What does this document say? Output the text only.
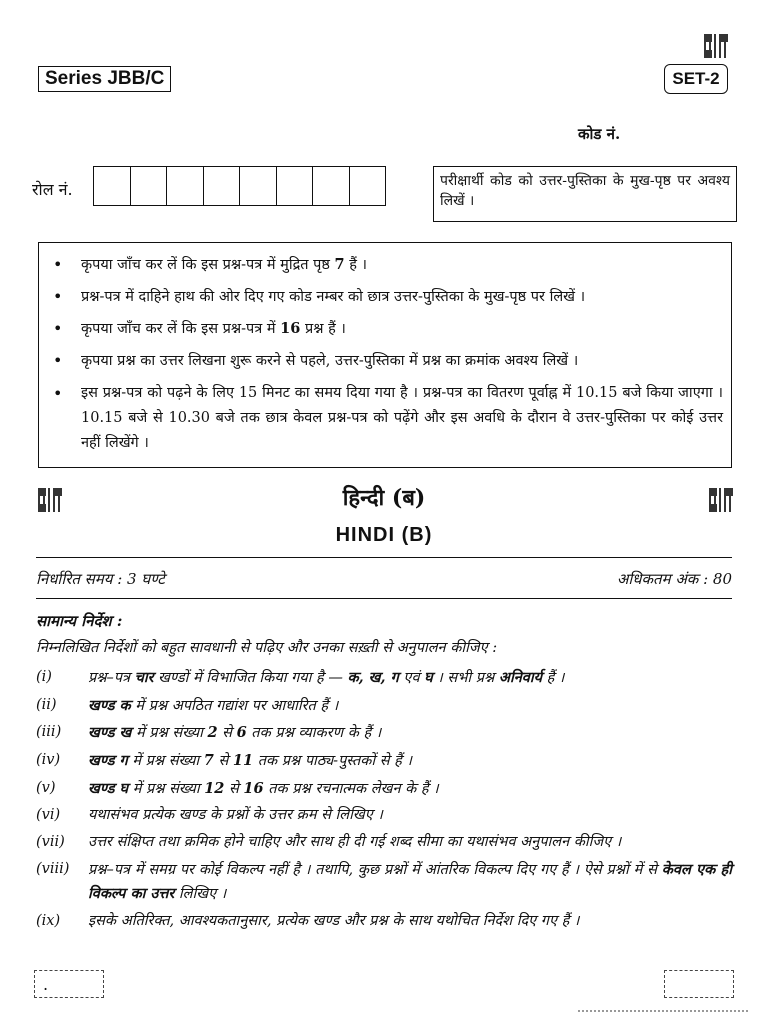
Series JBB/C	SET-2
कोड नं.
रोल नं.	परीक्षार्थी कोड को उत्तर-पुस्तिका के मुख-पृष्ठ पर अवश्य लिखें ।
• कृपया जाँच कर लें कि इस प्रश्न-पत्र में मुद्रित पृष्ठ 7 हैं ।
• प्रश्न-पत्र में दाहिने हाथ की ओर दिए गए कोड नम्बर को छात्र उत्तर-पुस्तिका के मुख-पृष्ठ पर लिखें ।
• कृपया जाँच कर लें कि इस प्रश्न-पत्र में 16 प्रश्न हैं ।
• कृपया प्रश्न का उत्तर लिखना शुरू करने से पहले, उत्तर-पुस्तिका में प्रश्न का क्रमांक अवश्य लिखें ।
• इस प्रश्न-पत्र को पढ़ने के लिए 15 मिनट का समय दिया गया है । प्रश्न-पत्र का वितरण पूर्वाह्न में 10.15 बजे किया जाएगा । 10.15 बजे से 10.30 बजे तक छात्र केवल प्रश्न-पत्र को पढ़ेंगे और इस अवधि के दौरान वे उत्तर-पुस्तिका पर कोई उत्तर नहीं लिखेंगे ।
हिन्दी (ब)
HINDI (B)
निर्धारित समय : 3 घण्टे	अधिकतम अंक : 80
सामान्य निर्देश :
निम्नलिखित निर्देशों को बहुत सावधानी से पढ़िए और उनका सख़्ती से अनुपालन कीजिए :
(i) प्रश्न–पत्र चार खण्डों में विभाजित किया गया है — क, ख, ग एवं घ । सभी प्रश्न अनिवार्य हैं ।
(ii) खण्ड क में प्रश्न अपठित गद्यांश पर आधारित हैं ।
(iii) खण्ड ख में प्रश्न संख्या 2 से 6 तक प्रश्न व्याकरण के हैं ।
(iv) खण्ड ग में प्रश्न संख्या 7 से 11 तक प्रश्न पाठ्य-पुस्तकों से हैं ।
(v) खण्ड घ में प्रश्न संख्या 12 से 16 तक प्रश्न रचनात्मक लेखन के हैं ।
(vi) यथासंभव प्रत्येक खण्ड के प्रश्नों के उत्तर क्रम से लिखिए ।
(vii) उत्तर संक्षिप्त तथा क्रमिक होने चाहिए और साथ ही दी गई शब्द सीमा का यथासंभव अनुपालन कीजिए ।
(viii) प्रश्न–पत्र में समग्र पर कोई विकल्प नहीं है । तथापि, कुछ प्रश्नों में आंतरिक विकल्प दिए गए हैं । ऐसे प्रश्नों में से केवल एक ही विकल्प का उत्तर लिखिए ।
(ix) इसके अतिरिक्त, आवश्यकतानुसार, प्रत्येक खण्ड और प्रश्न के साथ यथोचित निर्देश दिए गए हैं ।
.
